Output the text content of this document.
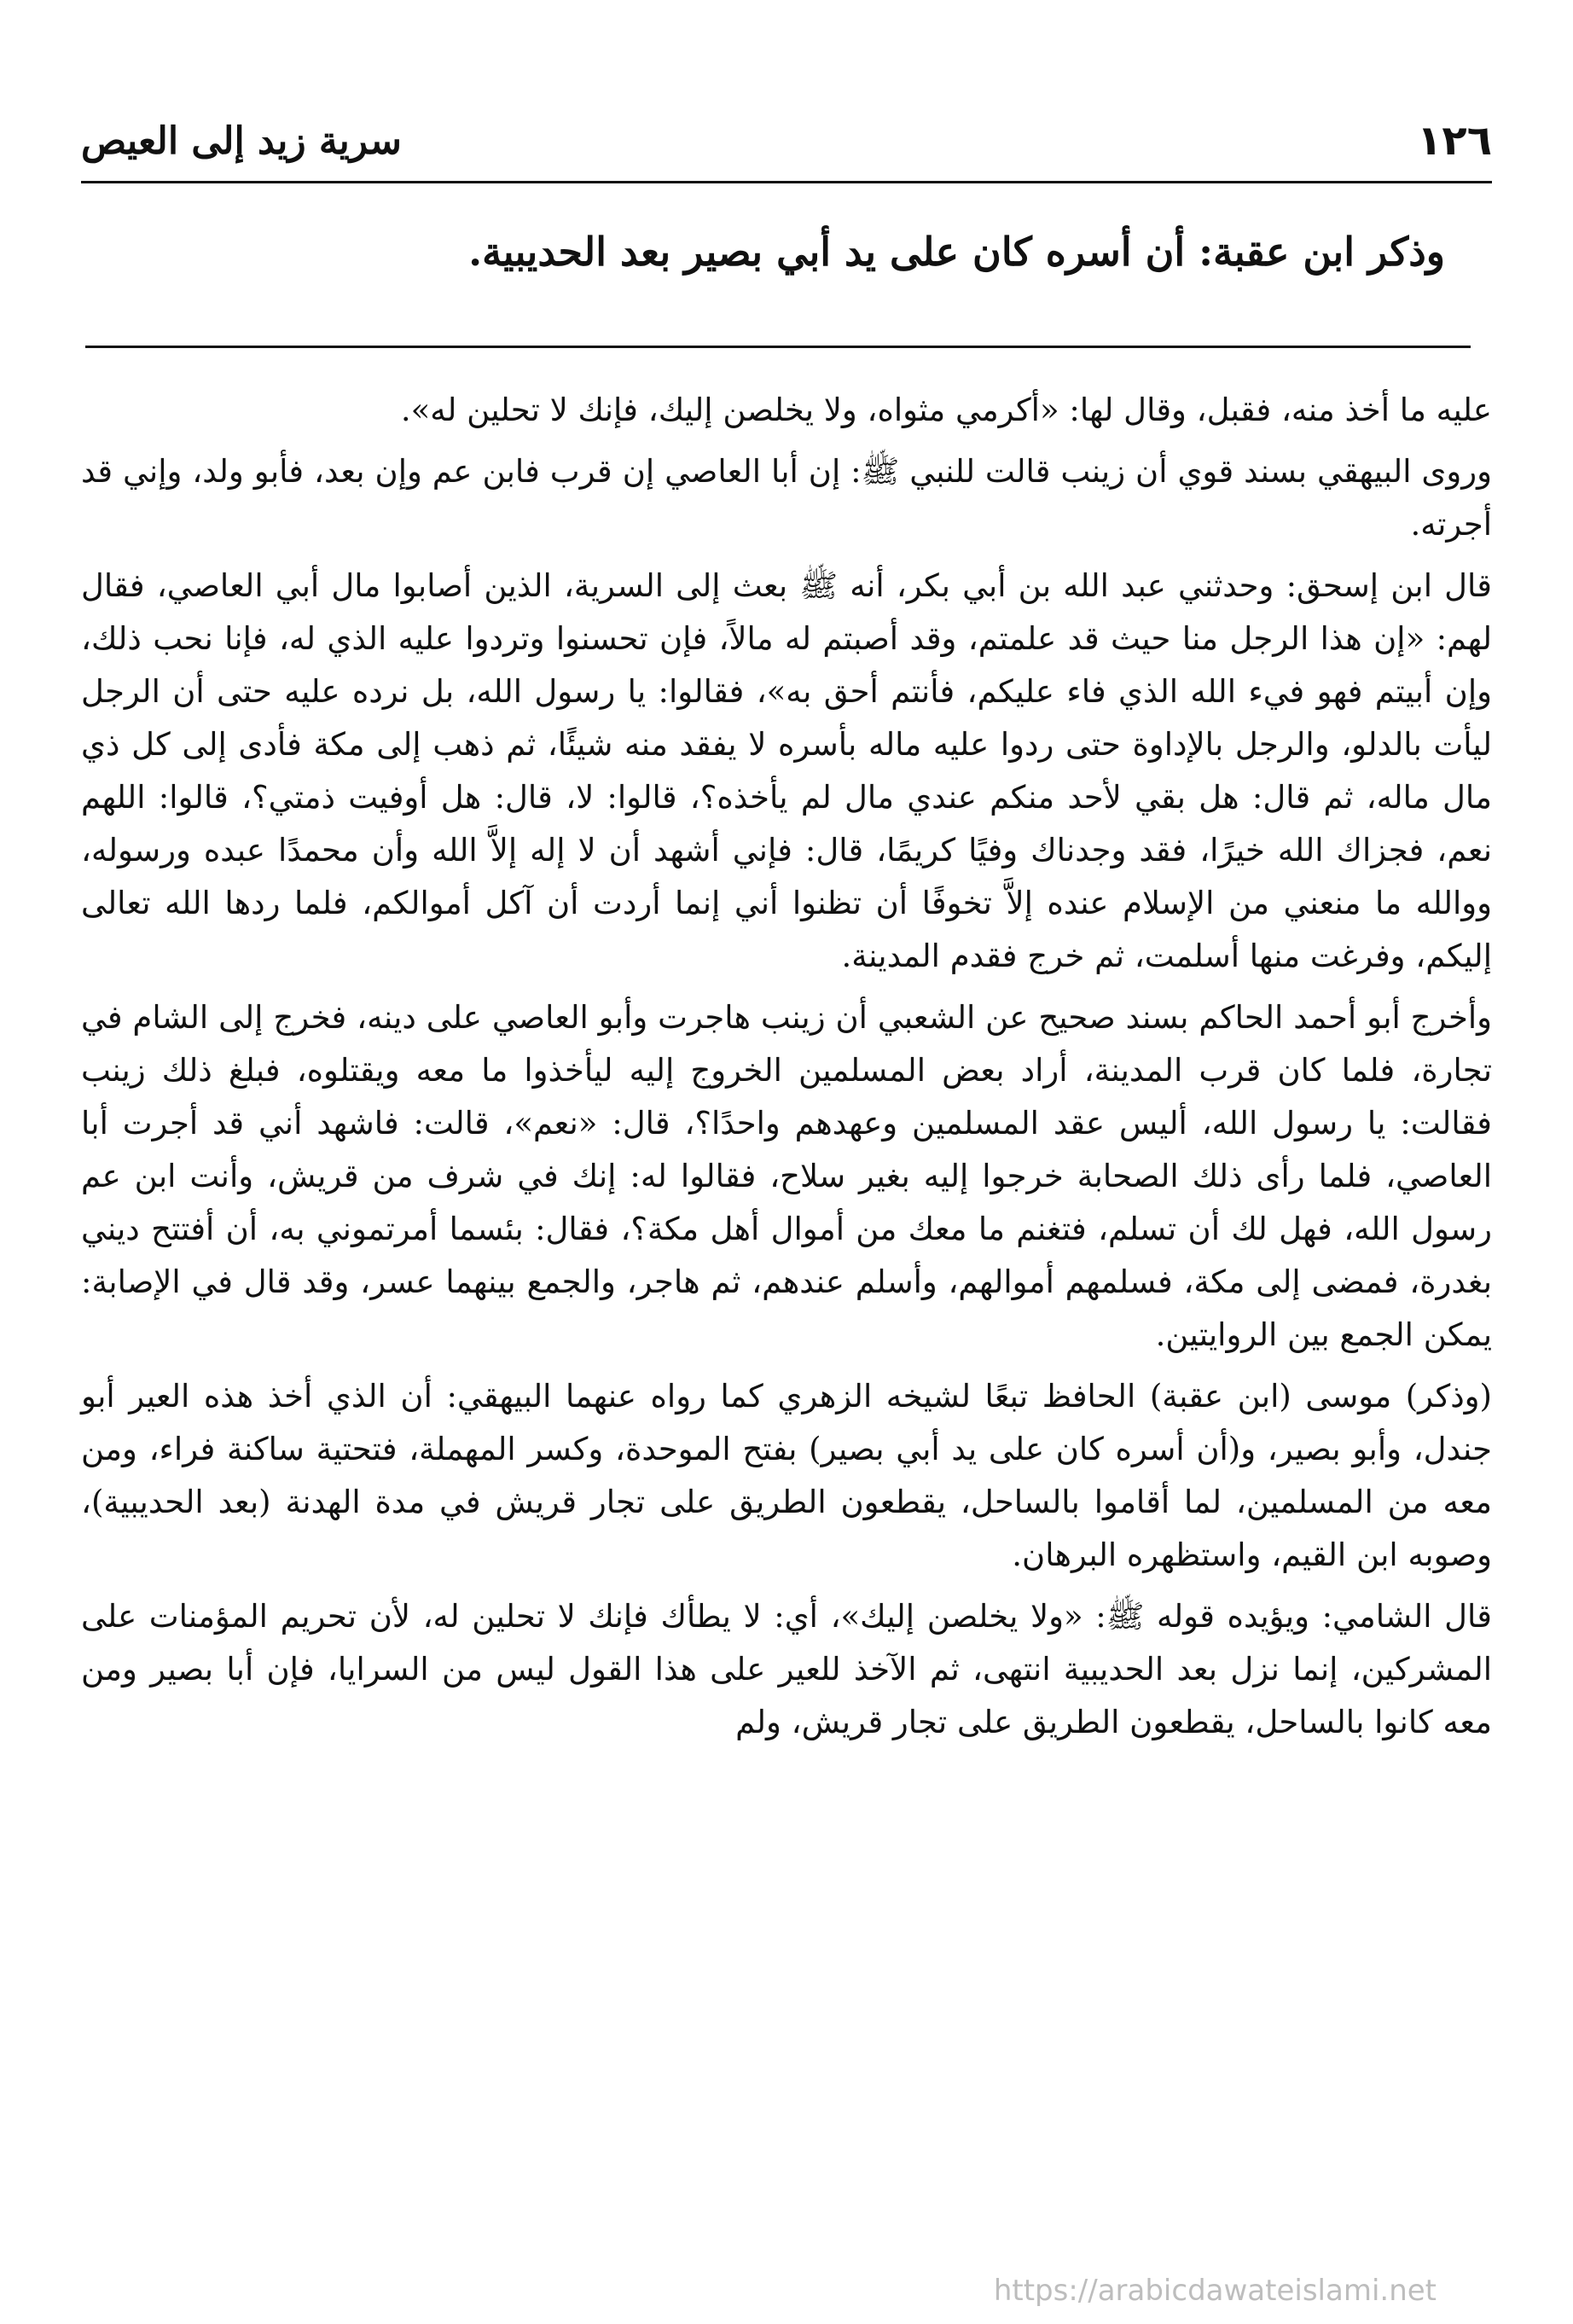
١٢٦
سرية زيد إلى العيص
وذكر ابن عقبة: أن أسره كان على يد أبي بصير بعد الحديبية.

عليه ما أخذ منه، فقبل، وقال لها: «أكرمي مثواه، ولا يخلصن إليك، فإنك لا تحلين له».

وروى البيهقي بسند قوي أن زينب قالت للنبي ﷺ: إن أبا العاصي إن قرب فابن عم وإن بعد، فأبو ولد، وإني قد أجرته.

قال ابن إسحق: وحدثني عبد الله بن أبي بكر، أنه ﷺ بعث إلى السرية، الذين أصابوا مال أبي العاصي، فقال لهم: «إن هذا الرجل منا حيث قد علمتم، وقد أصبتم له مالاً، فإن تحسنوا وتردوا عليه الذي له، فإنا نحب ذلك، وإن أبيتم فهو فيء الله الذي فاء عليكم، فأنتم أحق به»، فقالوا: يا رسول الله، بل نرده عليه حتى أن الرجل ليأت بالدلو، والرجل بالإداوة حتى ردوا عليه ماله بأسره لا يفقد منه شيئًا، ثم ذهب إلى مكة فأدى إلى كل ذي مال ماله، ثم قال: هل بقي لأحد منكم عندي مال لم يأخذه؟، قالوا: لا، قال: هل أوفيت ذمتي؟، قالوا: اللهم نعم، فجزاك الله خيرًا، فقد وجدناك وفيًا كريمًا، قال: فإني أشهد أن لا إله إلاَّ الله وأن محمدًا عبده ورسوله، ووالله ما منعني من الإسلام عنده إلاَّ تخوفًا أن تظنوا أني إنما أردت أن آكل أموالكم، فلما ردها الله تعالى إليكم، وفرغت منها أسلمت، ثم خرج فقدم المدينة.

وأخرج أبو أحمد الحاكم بسند صحيح عن الشعبي أن زينب هاجرت وأبو العاصي على دينه، فخرج إلى الشام في تجارة، فلما كان قرب المدينة، أراد بعض المسلمين الخروج إليه ليأخذوا ما معه ويقتلوه، فبلغ ذلك زينب فقالت: يا رسول الله، أليس عقد المسلمين وعهدهم واحدًا؟، قال: «نعم»، قالت: فاشهد أني قد أجرت أبا العاصي، فلما رأى ذلك الصحابة خرجوا إليه بغير سلاح، فقالوا له: إنك في شرف من قريش، وأنت ابن عم رسول الله، فهل لك أن تسلم، فتغنم ما معك من أموال أهل مكة؟، فقال: بئسما أمرتموني به، أن أفتتح ديني بغدرة، فمضى إلى مكة، فسلمهم أموالهم، وأسلم عندهم، ثم هاجر، والجمع بينهما عسر، وقد قال في الإصابة: يمكن الجمع بين الروايتين.

(وذكر) موسى (ابن عقبة) الحافظ تبعًا لشيخه الزهري كما رواه عنهما البيهقي: أن الذي أخذ هذه العير أبو جندل، وأبو بصير، و(أن أسره كان على يد أبي بصير) بفتح الموحدة، وكسر المهملة، فتحتية ساكنة فراء، ومن معه من المسلمين، لما أقاموا بالساحل، يقطعون الطريق على تجار قريش في مدة الهدنة (بعد الحديبية)، وصوبه ابن القيم، واستظهره البرهان.

قال الشامي: ويؤيده قوله ﷺ: «ولا يخلصن إليك»، أي: لا يطأك فإنك لا تحلين له، لأن تحريم المؤمنات على المشركين، إنما نزل بعد الحديبية انتهى، ثم الآخذ للعير على هذا القول ليس من السرايا، فإن أبا بصير ومن معه كانوا بالساحل، يقطعون الطريق على تجار قريش، ولم

https://arabicdawateislami.net
